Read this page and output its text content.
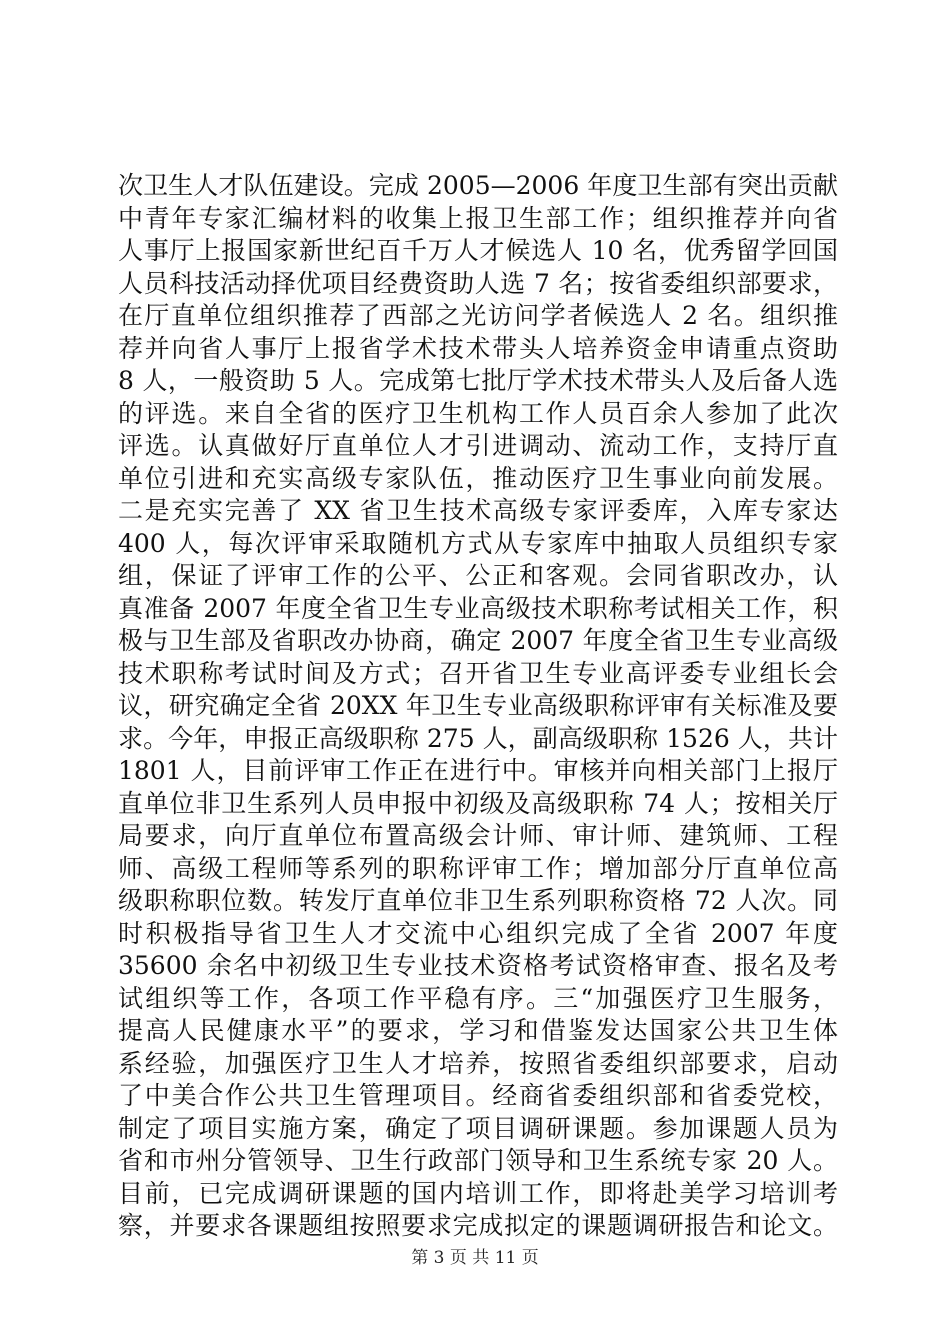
次卫生人才队伍建设。完成 2005—2006 年度卫生部有突出贡献
中青年专家汇编材料的收集上报卫生部工作；组织推荐并向省
人事厅上报国家新世纪百千万人才候选人 10 名，优秀留学回国
人员科技活动择优项目经费资助人选 7 名；按省委组织部要求，
在厅直单位组织推荐了西部之光访问学者候选人 2 名。组织推
荐并向省人事厅上报省学术技术带头人培养资金申请重点资助
8 人，一般资助 5 人。完成第七批厅学术技术带头人及后备人选
的评选。来自全省的医疗卫生机构工作人员百余人参加了此次
评选。认真做好厅直单位人才引进调动、流动工作，支持厅直
单位引进和充实高级专家队伍，推动医疗卫生事业向前发展。
二是充实完善了 XX 省卫生技术高级专家评委库，入库专家达
400 人，每次评审采取随机方式从专家库中抽取人员组织专家
组，保证了评审工作的公平、公正和客观。会同省职改办，认
真准备 2007 年度全省卫生专业高级技术职称考试相关工作，积
极与卫生部及省职改办协商，确定 2007 年度全省卫生专业高级
技术职称考试时间及方式；召开省卫生专业高评委专业组长会
议，研究确定全省 20XX 年卫生专业高级职称评审有关标准及要
求。今年，申报正高级职称 275 人，副高级职称 1526 人，共计
1801 人，目前评审工作正在进行中。审核并向相关部门上报厅
直单位非卫生系列人员申报中初级及高级职称 74 人；按相关厅
局要求，向厅直单位布置高级会计师、审计师、建筑师、工程
师、高级工程师等系列的职称评审工作；增加部分厅直单位高
级职称职位数。转发厅直单位非卫生系列职称资格 72 人次。同
时积极指导省卫生人才交流中心组织完成了全省 2007 年度
35600 余名中初级卫生专业技术资格考试资格审查、报名及考
试组织等工作，各项工作平稳有序。三“加强医疗卫生服务，
提高人民健康水平”的要求，学习和借鉴发达国家公共卫生体
系经验，加强医疗卫生人才培养，按照省委组织部要求，启动
了中美合作公共卫生管理项目。经商省委组织部和省委党校，
制定了项目实施方案，确定了项目调研课题。参加课题人员为
省和市州分管领导、卫生行政部门领导和卫生系统专家 20 人。
目前，已完成调研课题的国内培训工作，即将赴美学习培训考
察，并要求各课题组按照要求完成拟定的课题调研报告和论文。
第 3 页 共 11 页
